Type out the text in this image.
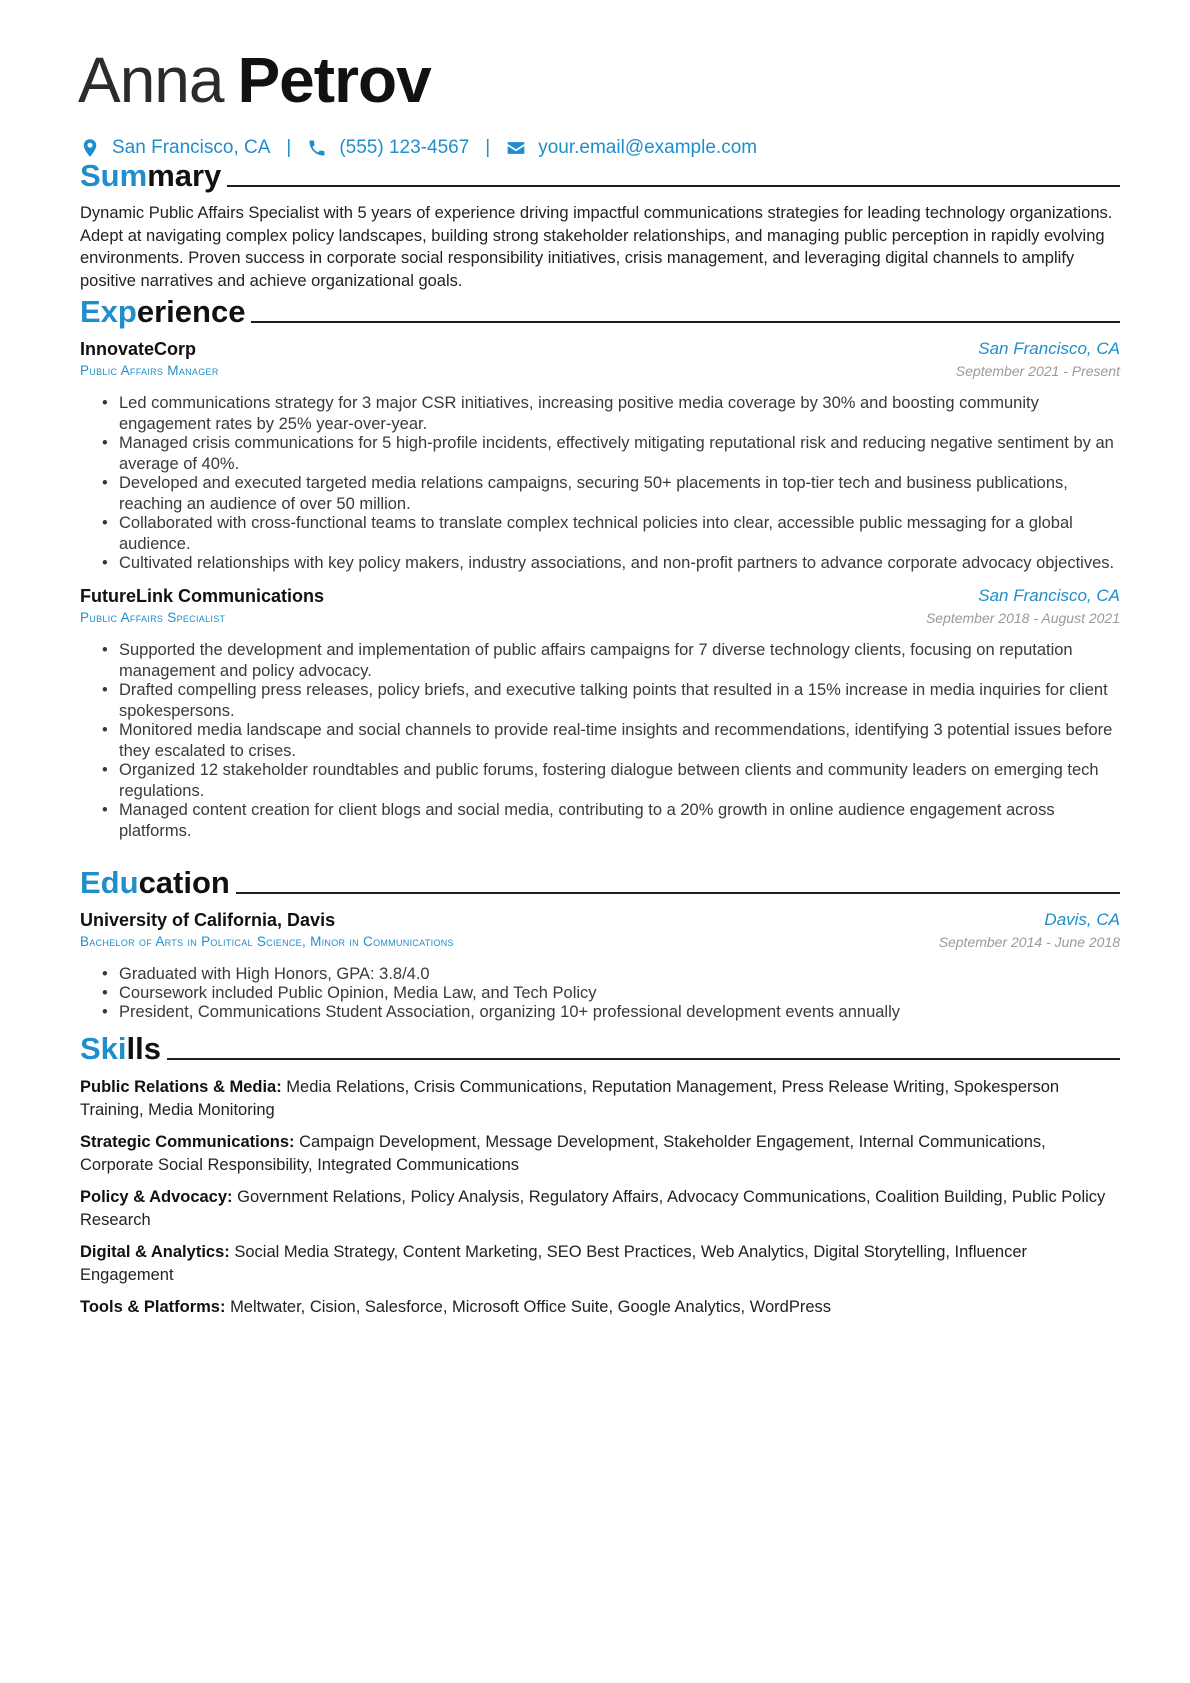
Anna Petrov
San Francisco, CA |	(555) 123-4567 |	your.email@example.com
Summary

Dynamic Public Affairs Specialist with 5 years of experience driving impactful communications strategies for leading technology organizations. Adept at navigating complex policy landscapes, building strong stakeholder relationships, and managing public perception in rapidly evolving environments. Proven success in corporate social responsibility initiatives, crisis management, and leveraging digital channels to amplify positive narratives and achieve organizational goals.

Experience
InnovateCorp
Public Affairs Manager
San Francisco, CA
September 2021 - Present
• Led communications strategy for 3 major CSR initiatives, increasing positive media coverage by 30% and boosting community engagement rates by 25% year-over-year.
• Managed crisis communications for 5 high-profile incidents, effectively mitigating reputational risk and reducing negative sentiment by an average of 40%.
• Developed and executed targeted media relations campaigns, securing 50+ placements in top-tier tech and business publications, reaching an audience of over 50 million.
• Collaborated with cross-functional teams to translate complex technical policies into clear, accessible public messaging for a global audience.
• Cultivated relationships with key policy makers, industry associations, and non-profit partners to advance corporate advocacy objectives.
FutureLink Communications
Public Affairs Specialist
San Francisco, CA
September 2018 - August 2021
• Supported the development and implementation of public affairs campaigns for 7 diverse technology clients, focusing on reputation management and policy advocacy.
• Drafted compelling press releases, policy briefs, and executive talking points that resulted in a 15% increase in media inquiries for client spokespersons.
• Monitored media landscape and social channels to provide real-time insights and recommendations, identifying 3 potential issues before they escalated to crises.
• Organized 12 stakeholder roundtables and public forums, fostering dialogue between clients and community leaders on emerging tech regulations.
• Managed content creation for client blogs and social media, contributing to a 20% growth in online audience engagement across platforms.
Education
University of California, Davis
Bachelor of Arts in Political Science, Minor in Communications
Davis, CA
September 2014 - June 2018
• Graduated with High Honors, GPA: 3.8/4.0
• Coursework included Public Opinion, Media Law, and Tech Policy
• President, Communications Student Association, organizing 10+ professional development events annually
Skills

Public Relations & Media: Media Relations, Crisis Communications, Reputation Management, Press Release Writing, Spokesperson Training, Media Monitoring

Strategic Communications: Campaign Development, Message Development, Stakeholder Engagement, Internal Communications, Corporate Social Responsibility, Integrated Communications

Policy & Advocacy: Government Relations, Policy Analysis, Regulatory Affairs, Advocacy Communications, Coalition Building, Public Policy Research

Digital & Analytics: Social Media Strategy, Content Marketing, SEO Best Practices, Web Analytics, Digital Storytelling, Influencer Engagement

Tools & Platforms: Meltwater, Cision, Salesforce, Microsoft Office Suite, Google Analytics, WordPress
